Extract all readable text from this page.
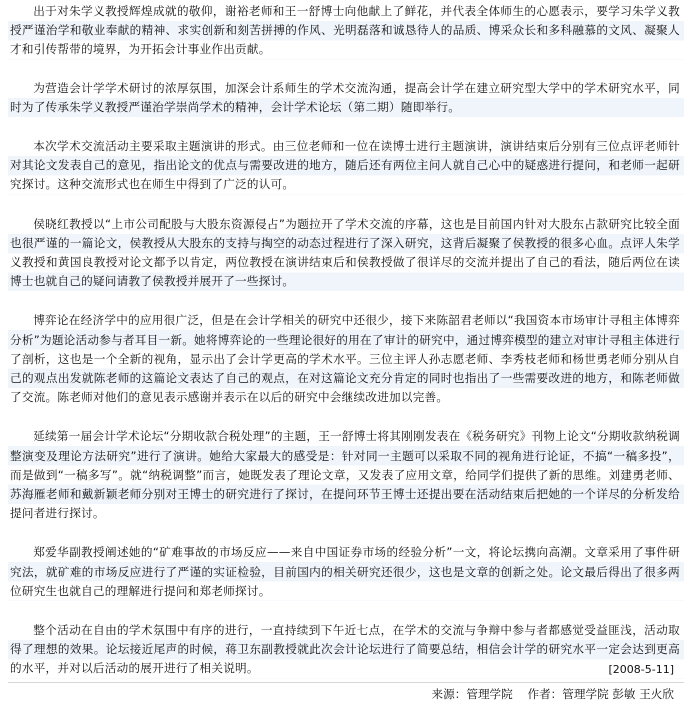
出于对朱学义教授辉煌成就的敬仰，谢裕老师和王一舒博士向他献上了鲜花，并代表全体师生的心愿表示，要学习朱学义教授严谨治学和敬业奉献的精神、求实创新和刻苦拼搏的作风、光明磊落和诚恳待人的品质、博采众长和多科融慕的文风、凝聚人才和引传帮带的境界，为开拓会计事业作出贡献。

为营造会计学学术研讨的浓厚氛围，加深会计系师生的学术交流沟通，提高会计学在建立研究型大学中的学术研究水平，同时为了传承朱学义教授严谨治学崇尚学术的精神，会计学术论坛（第二期）随即举行。

本次学术交流活动主要采取主题演讲的形式。由三位老师和一位在读博士进行主题演讲，演讲结束后分别有三位点评老师针对其论文发表自己的意见，指出论文的优点与需要改进的地方，随后还有两位主问人就自己心中的疑惑进行提问，和老师一起研究探讨。这种交流形式也在师生中得到了广泛的认可。

侯晓红教授以“上市公司配股与大股东资源侵占”为题拉开了学术交流的序幕，这也是目前国内针对大股东占款研究比较全面也很严谨的一篇论文，侯教授从大股东的支持与掏空的动态过程进行了深入研究，这背后凝聚了侯教授的很多心血。点评人朱学义教授和黄国良教授对论文都予以肯定，两位教授在演讲结束后和侯教授做了很详尽的交流并提出了自己的看法，随后两位在读博士也就自己的疑问请教了侯教授并展开了一些探讨。

博弈论在经济学中的应用很广泛，但是在会计学相关的研究中还很少，接下来陈韶君老师以“我国资本市场审计寻租主体博弈分析”为题论活动参与者耳目一新。她将博弈论的一些理论很好的用在了审计的研究中，通过博弈模型的建立对审计寻租主体进行了剖析，这也是一个全新的视角，显示出了会计学更高的学术水平。三位主评人孙志愿老师、李秀枝老师和杨世勇老师分别从自己的观点出发就陈老师的这篇论文表达了自己的观点，在对这篇论文充分肯定的同时也指出了一些需要改进的地方，和陈老师做了交流。陈老师对他们的意见表示感谢并表示在以后的研究中会继续改进加以完善。

延续第一届会计学术论坛“分期收款合税处理”的主题，王一舒博士将其刚刚发表在《税务研究》刊物上论文“分期收款纳税调整演变及理论方法研究”进行了演讲。她给大家最大的感受是：针对同一主题可以采取不同的视角进行论证，不搞“一稿多投”，而是做到“一稿多写”。就“纳税调整”而言，她既发表了理论文章，又发表了应用文章，给同学们提供了新的思维。刘建勇老师、苏海雁老师和戴新颖老师分别对王博士的研究进行了探讨，在提问环节王博士还提出要在活动结束后把她的一个详尽的分析发给提问者进行探讨。

郑爱华副教授阐述她的“矿难事故的市场反应——来自中国证券市场的经验分析”一文，将论坛携向高潮。文章采用了事件研究法，就矿难的市场反应进行了严谨的实证检验，目前国内的相关研究还很少，这也是文章的创新之处。论文最后得出了很多两位研究生也就自己的理解进行提问和郑老师探讨。

整个活动在自由的学术氛围中有序的进行，一直持续到下午近七点，在学术的交流与争辩中参与者都感觉受益匪浅，活动取得了理想的效果。论坛接近尾声的时候，蒋卫东副教授就此次会计论坛进行了简要总结，相信会计学的研究水平一定会达到更高的水平，并对以后活动的展开进行了相关说明。	[2008-5-11]
来源：管理学院 作者：管理学院 彭敏 王火欣
